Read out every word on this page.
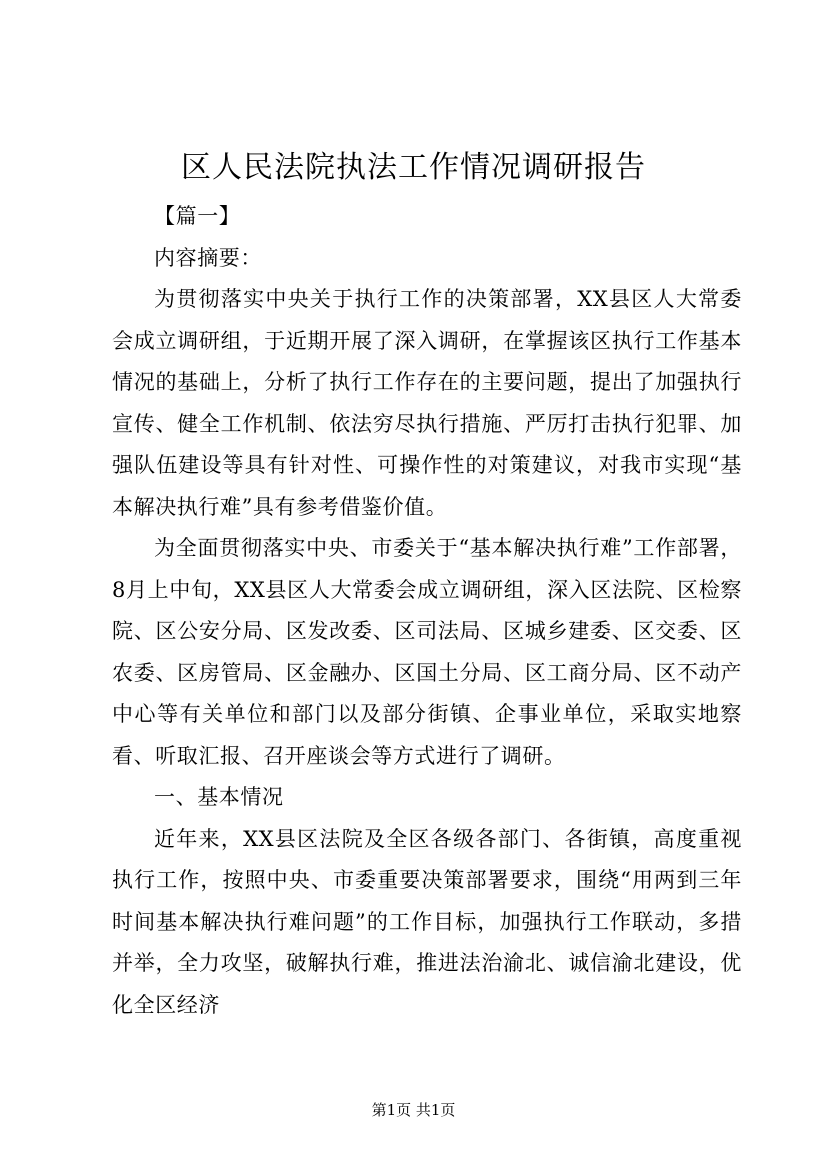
区人民法院执法工作情况调研报告

【篇一】

内容摘要：

为贯彻落实中央关于执行工作的决策部署，XX县区人大常委会成立调研组，于近期开展了深入调研，在掌握该区执行工作基本情况的基础上，分析了执行工作存在的主要问题，提出了加强执行宣传、健全工作机制、依法穷尽执行措施、严厉打击执行犯罪、加强队伍建设等具有针对性、可操作性的对策建议，对我市实现“基本解决执行难”具有参考借鉴价值。

为全面贯彻落实中央、市委关于“基本解决执行难”工作部署，8月上中旬，XX县区人大常委会成立调研组，深入区法院、区检察院、区公安分局、区发改委、区司法局、区城乡建委、区交委、区农委、区房管局、区金融办、区国土分局、区工商分局、区不动产中心等有关单位和部门以及部分街镇、企事业单位，采取实地察看、听取汇报、召开座谈会等方式进行了调研。

一、基本情况

近年来，XX县区法院及全区各级各部门、各街镇，高度重视执行工作，按照中央、市委重要决策部署要求，围绕“用两到三年时间基本解决执行难问题”的工作目标，加强执行工作联动，多措并举，全力攻坚，破解执行难，推进法治渝北、诚信渝北建设，优化全区经济

第1页 共1页
